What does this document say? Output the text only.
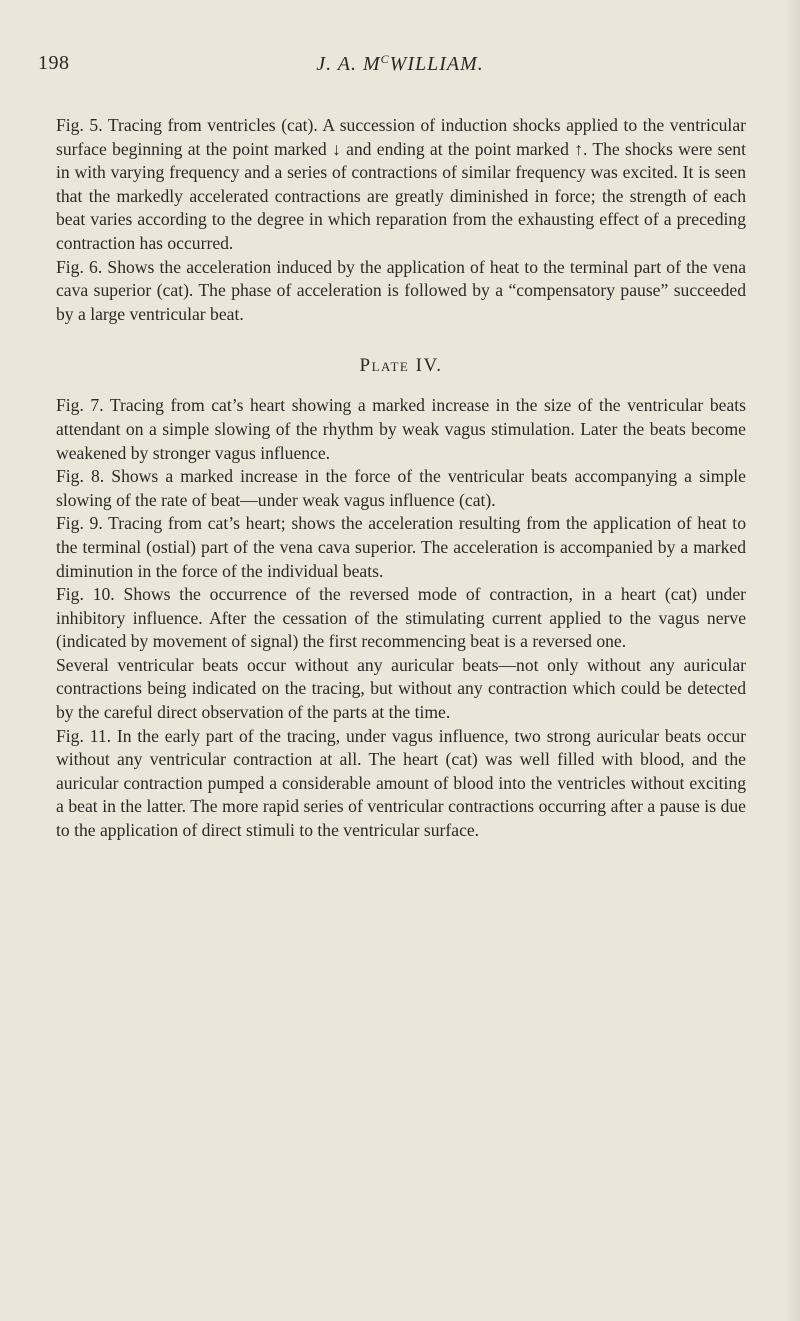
198	J. A. $M^CWILLIAM$.

Fig. 5. Tracing from ventricles (cat). A succession of induction shocks applied to the ventricular surface beginning at the point marked ↓ and ending at the point marked ↑. The shocks were sent in with varying frequency and a series of contractions of similar frequency was excited. It is seen that the markedly accelerated contractions are greatly diminished in force; the strength of each beat varies according to the degree in which reparation from the exhausting effect of a preceding contraction has occurred.

Fig. 6. Shows the acceleration induced by the application of heat to the terminal part of the vena cava superior (cat). The phase of acceleration is followed by a “compensatory pause” succeeded by a large ventricular beat.

Plate IV.

Fig. 7. Tracing from cat’s heart showing a marked increase in the size of the ventricular beats attendant on a simple slowing of the rhythm by weak vagus stimulation. Later the beats become weakened by stronger vagus influence.

Fig. 8. Shows a marked increase in the force of the ventricular beats accompanying a simple slowing of the rate of beat—under weak vagus influence (cat).

Fig. 9. Tracing from cat’s heart; shows the acceleration resulting from the application of heat to the terminal (ostial) part of the vena cava superior. The acceleration is accompanied by a marked diminution in the force of the individual beats.

Fig. 10. Shows the occurrence of the reversed mode of contraction, in a heart (cat) under inhibitory influence. After the cessation of the stimulating current applied to the vagus nerve (indicated by movement of signal) the first recommencing beat is a reversed one.

Several ventricular beats occur without any auricular beats—not only without any auricular contractions being indicated on the tracing, but without any contraction which could be detected by the careful direct observation of the parts at the time.

Fig. 11. In the early part of the tracing, under vagus influence, two strong auricular beats occur without any ventricular contraction at all. The heart (cat) was well filled with blood, and the auricular contraction pumped a considerable amount of blood into the ventricles without exciting a beat in the latter. The more rapid series of ventricular contractions occurring after a pause is due to the application of direct stimuli to the ventricular surface.
